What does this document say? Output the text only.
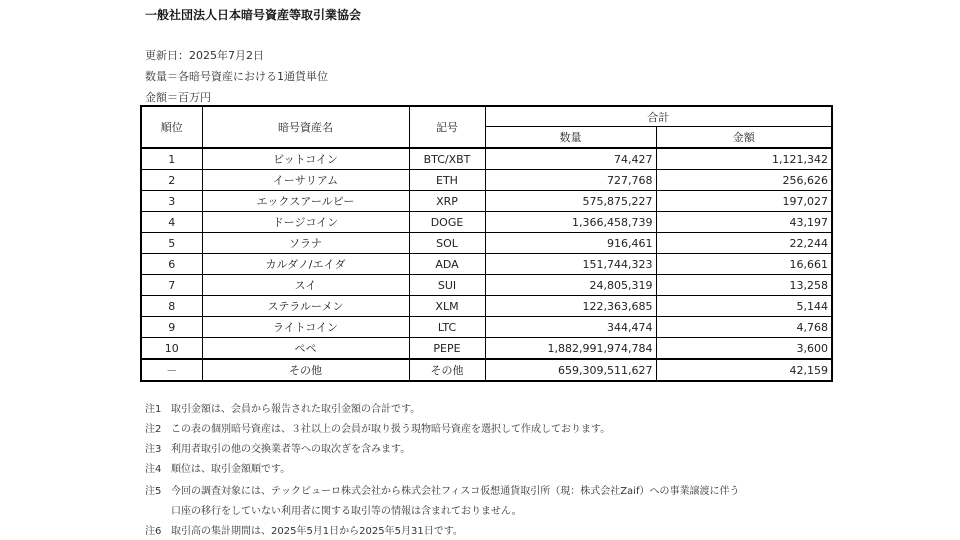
一般社団法人日本暗号資産等取引業協会
更新日：2025年7月2日
数量＝各暗号資産における1通貨単位
金額＝百万円
順位	暗号資産名	記号	合計	
			数量	金額
1	ビットコイン	BTC/XBT	74,427	1,121,342
2	イーサリアム	ETH	727,768	256,626
3	エックスアールピー	XRP	575,875,227	197,027
4	ドージコイン	DOGE	1,366,458,739	43,197
5	ソラナ	SOL	916,461	22,244
6	カルダノ/エイダ	ADA	151,744,323	16,661
7	スイ	SUI	24,805,319	13,258
8	ステラルーメン	XLM	122,363,685	5,144
9	ライトコイン	LTC	344,474	4,768
10	ペペ	PEPE	1,882,991,974,784	3,600
－	その他	その他	659,309,511,627	42,159
注1 取引金額は、会員から報告された取引金額の合計です。
注2 この表の個別暗号資産は、３社以上の会員が取り扱う現物暗号資産を選択して作成しております。
注3 利用者取引の他の交換業者等への取次ぎを含みます。
注4 順位は、取引金額順です。
注5 今回の調査対象には、テックビューロ株式会社から株式会社フィスコ仮想通貨取引所（現：株式会社Zaif）への事業譲渡に伴う
注6 取引高の集計期間は、2025年5月1日から2025年5月31日です。
口座の移行をしていない利用者に関する取引等の情報は含まれておりません。
